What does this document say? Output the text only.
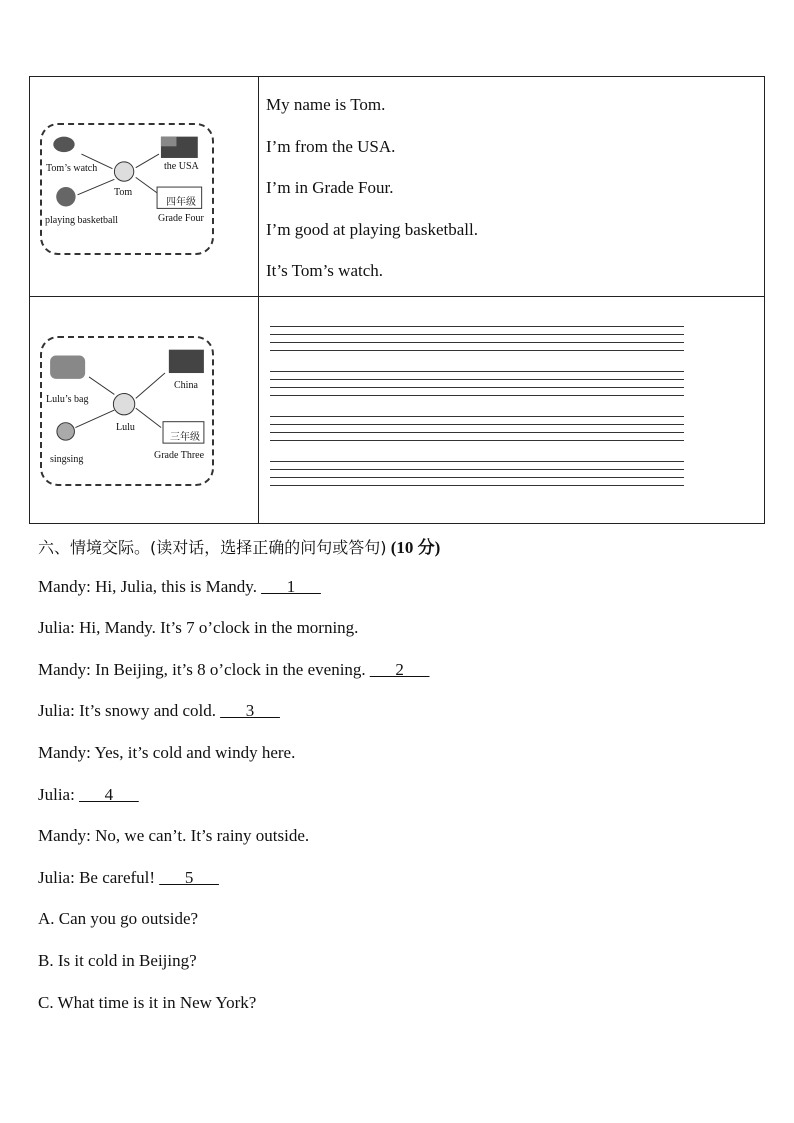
Tom’s watch	the USA
Tom
四年级
playing basketball	Grade Four
My name is Tom.
I’m from the USA.
I’m in Grade Four.
I’m good at playing basketball.
It’s Tom’s watch.
Lulu’s bag
China
Lulu
三年级
singsing	Grade Three
六、情境交际。(读对话，选择正确的问句或答句) (10 分)
Mandy: Hi, Julia, this is Mandy. ___1___
Julia: Hi, Mandy. It’s 7 o’clock in the morning.
Mandy: In Beijing, it’s 8 o’clock in the evening. ___2___
Julia: It’s snowy and cold. ___3___
Mandy: Yes, it’s cold and windy here.
Julia: ___4___
Mandy: No, we can’t. It’s rainy outside.
Julia: Be careful! ___5___
A. Can you go outside?
B. Is it cold in Beijing?
C. What time is it in New York?
